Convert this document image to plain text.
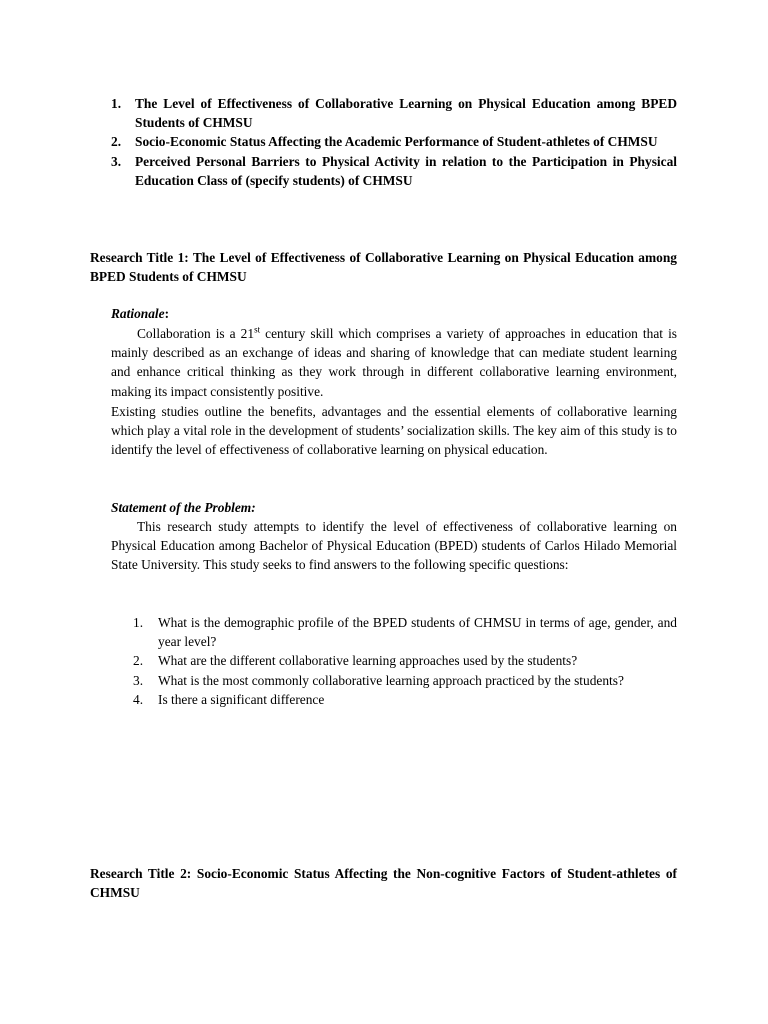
1.	The Level of Effectiveness of Collaborative Learning on Physical Education among BPED Students of CHMSU
2.	Socio-Economic Status Affecting the Academic Performance of Student-athletes of CHMSU
3.	Perceived Personal Barriers to Physical Activity in relation to the Participation in Physical Education Class of (specify students) of CHMSU

Research Title 1: The Level of Effectiveness of Collaborative Learning on Physical Education among BPED Students of CHMSU

Rationale:

Collaboration is a 21st century skill which comprises a variety of approaches in education that is mainly described as an exchange of ideas and sharing of knowledge that can mediate student learning and enhance critical thinking as they work through in different collaborative learning environment, making its impact consistently positive.

Existing studies outline the benefits, advantages and the essential elements of collaborative learning which play a vital role in the development of students’ socialization skills. The key aim of this study is to identify the level of effectiveness of collaborative learning on physical education.

Statement of the Problem:

This research study attempts to identify the level of effectiveness of collaborative learning on Physical Education among Bachelor of Physical Education (BPED) students of Carlos Hilado Memorial State University. This study seeks to find answers to the following specific questions:

1.	What is the demographic profile of the BPED students of CHMSU in terms of age, gender, and year level?
2.	What are the different collaborative learning approaches used by the students?
3.	What is the most commonly collaborative learning approach practiced by the students?
4.	Is there a significant difference

Research Title 2: Socio-Economic Status Affecting the Non-cognitive Factors of Student-athletes of CHMSU
